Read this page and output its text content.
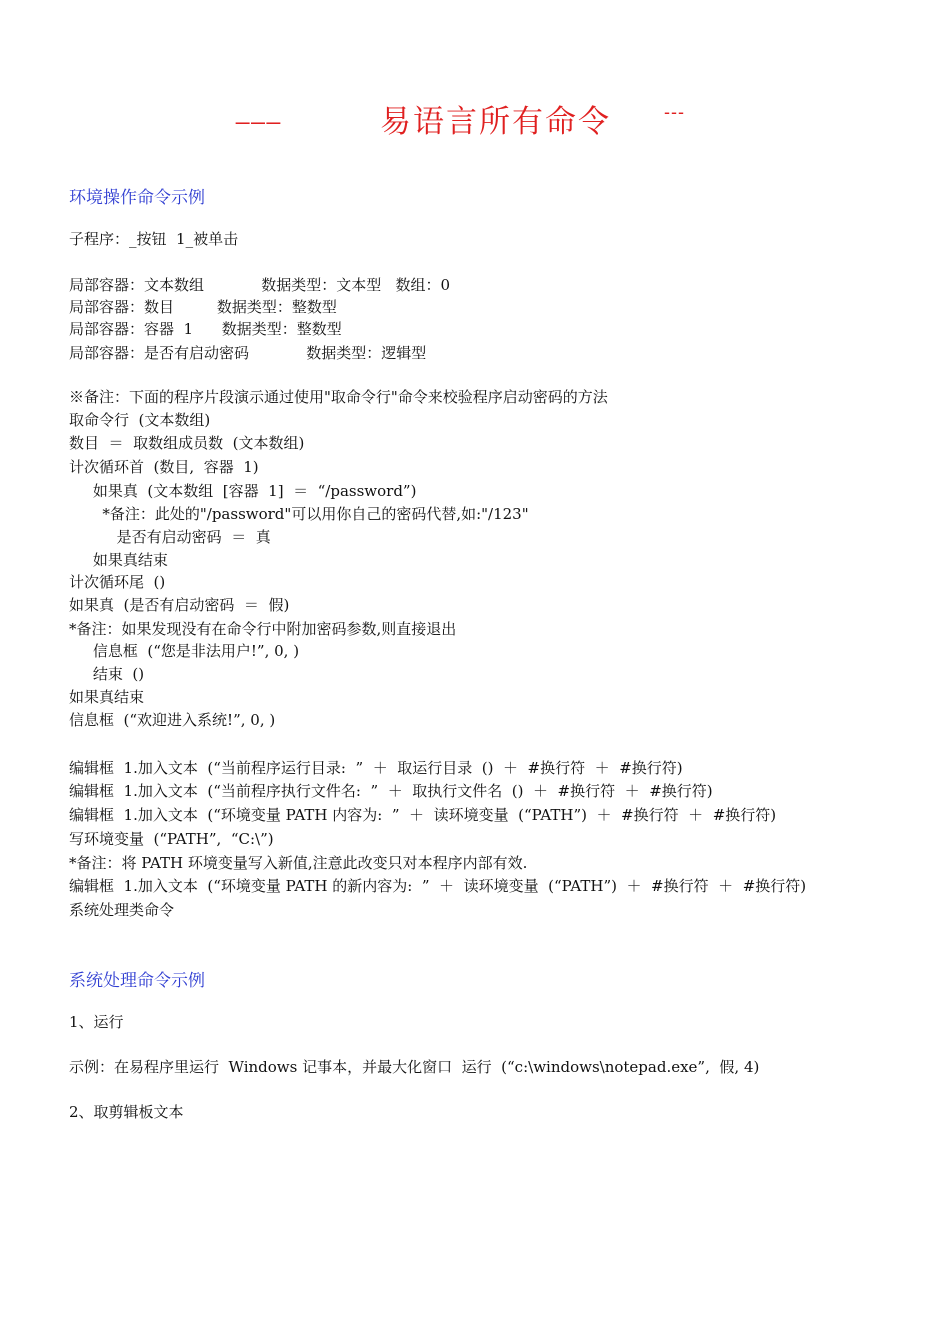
___	易语言所有命令	---
环境操作命令示例
子程序：_按钮  1_被单击
局部容器：文本数组            数据类型：文本型   数组：0
局部容器：数目         数据类型：整数型
局部容器：容器  1      数据类型：整数型
局部容器：是否有启动密码            数据类型：逻辑型
※备注：下面的程序片段演示通过使用"取命令行"命令来校验程序启动密码的方法
取命令行  (文本数组)
数目  ＝  取数组成员数  (文本数组)
计次循环首  (数目,  容器  1)
如果真  (文本数组  [容器  1]  ＝  “/password”)
*备注：此处的"/password"可以用你自己的密码代替,如:"/123"
是否有启动密码  ＝  真
如果真结束
计次循环尾  ()
如果真  (是否有启动密码  ＝  假)
*备注：如果发现没有在命令行中附加密码参数,则直接退出
信息框  (“您是非法用户!”, 0, )
结束  ()
如果真结束
信息框  (“欢迎进入系统!”, 0, )
编辑框  1.加入文本  (“当前程序运行目录:  ”  ＋  取运行目录  ()  ＋  #换行符  ＋  #换行符)
编辑框  1.加入文本  (“当前程序执行文件名:  ”  ＋  取执行文件名  ()  ＋  #换行符  ＋  #换行符)
编辑框  1.加入文本  (“环境变量 PATH 内容为:  ”  ＋  读环境变量  (“PATH”)  ＋  #换行符  ＋  #换行符)
写环境变量  (“PATH”,  “C:\”)
*备注：将 PATH 环境变量写入新值,注意此改变只对本程序内部有效.
编辑框  1.加入文本  (“环境变量 PATH 的新内容为:  ”  ＋  读环境变量  (“PATH”)  ＋  #换行符  ＋  #换行符)
系统处理类命令
系统处理命令示例
1、运行
示例：在易程序里运行  Windows 记事本，并最大化窗口  运行  (“c:\windows\notepad.exe”,  假, 4)
2、取剪辑板文本
